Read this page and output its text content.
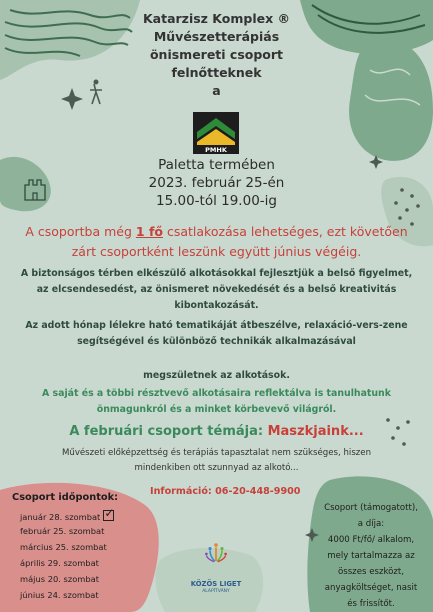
Katarzisz Komplex ®
Művészetterápiás
önismereti csoport
felnőtteknek
a
PMHK
Paletta termében
2023. február 25-én
15.00-tól 19.00-ig
A csoportba még 1 fő csatlakozása lehetséges, ezt követően zárt csoportként leszünk együtt június végéig.
A biztonságos térben elkészülő alkotásokkal fejlesztjük a belső figyelmet, az elcsendesedést, az önismeret növekedését és a belső kreativitás kibontakozását.
Az adott hónap lélekre ható tematikáját átbeszélve, relaxáció-vers-zene segítségével és különböző technikák alkalmazásával
megszületnek az alkotások.
A saját és a többi résztvevő alkotásaira reflektálva is tanulhatunk önmagunkról és a minket körbevevő világról.
A februári csoport témája: Maszkjaink...
Művészeti előképzettség és terápiás tapasztalat nem szükséges, hiszen mindenkiben ott szunnyad az alkotó...
Információ: 06-20-448-9900
Csoport időpontok:
január 28. szombat✓
február 25. szombat
március 25. szombat
április 29. szombat
május 20. szombat
június 24. szombat
Csoport (támogatott),
a díja:
4000 Ft/fő/ alkalom,
mely tartalmazza az
összes eszközt,
anyagköltséget, nasit
és frissítőt.
KÖZÖS LIGET
ALAPÍTVÁNY
